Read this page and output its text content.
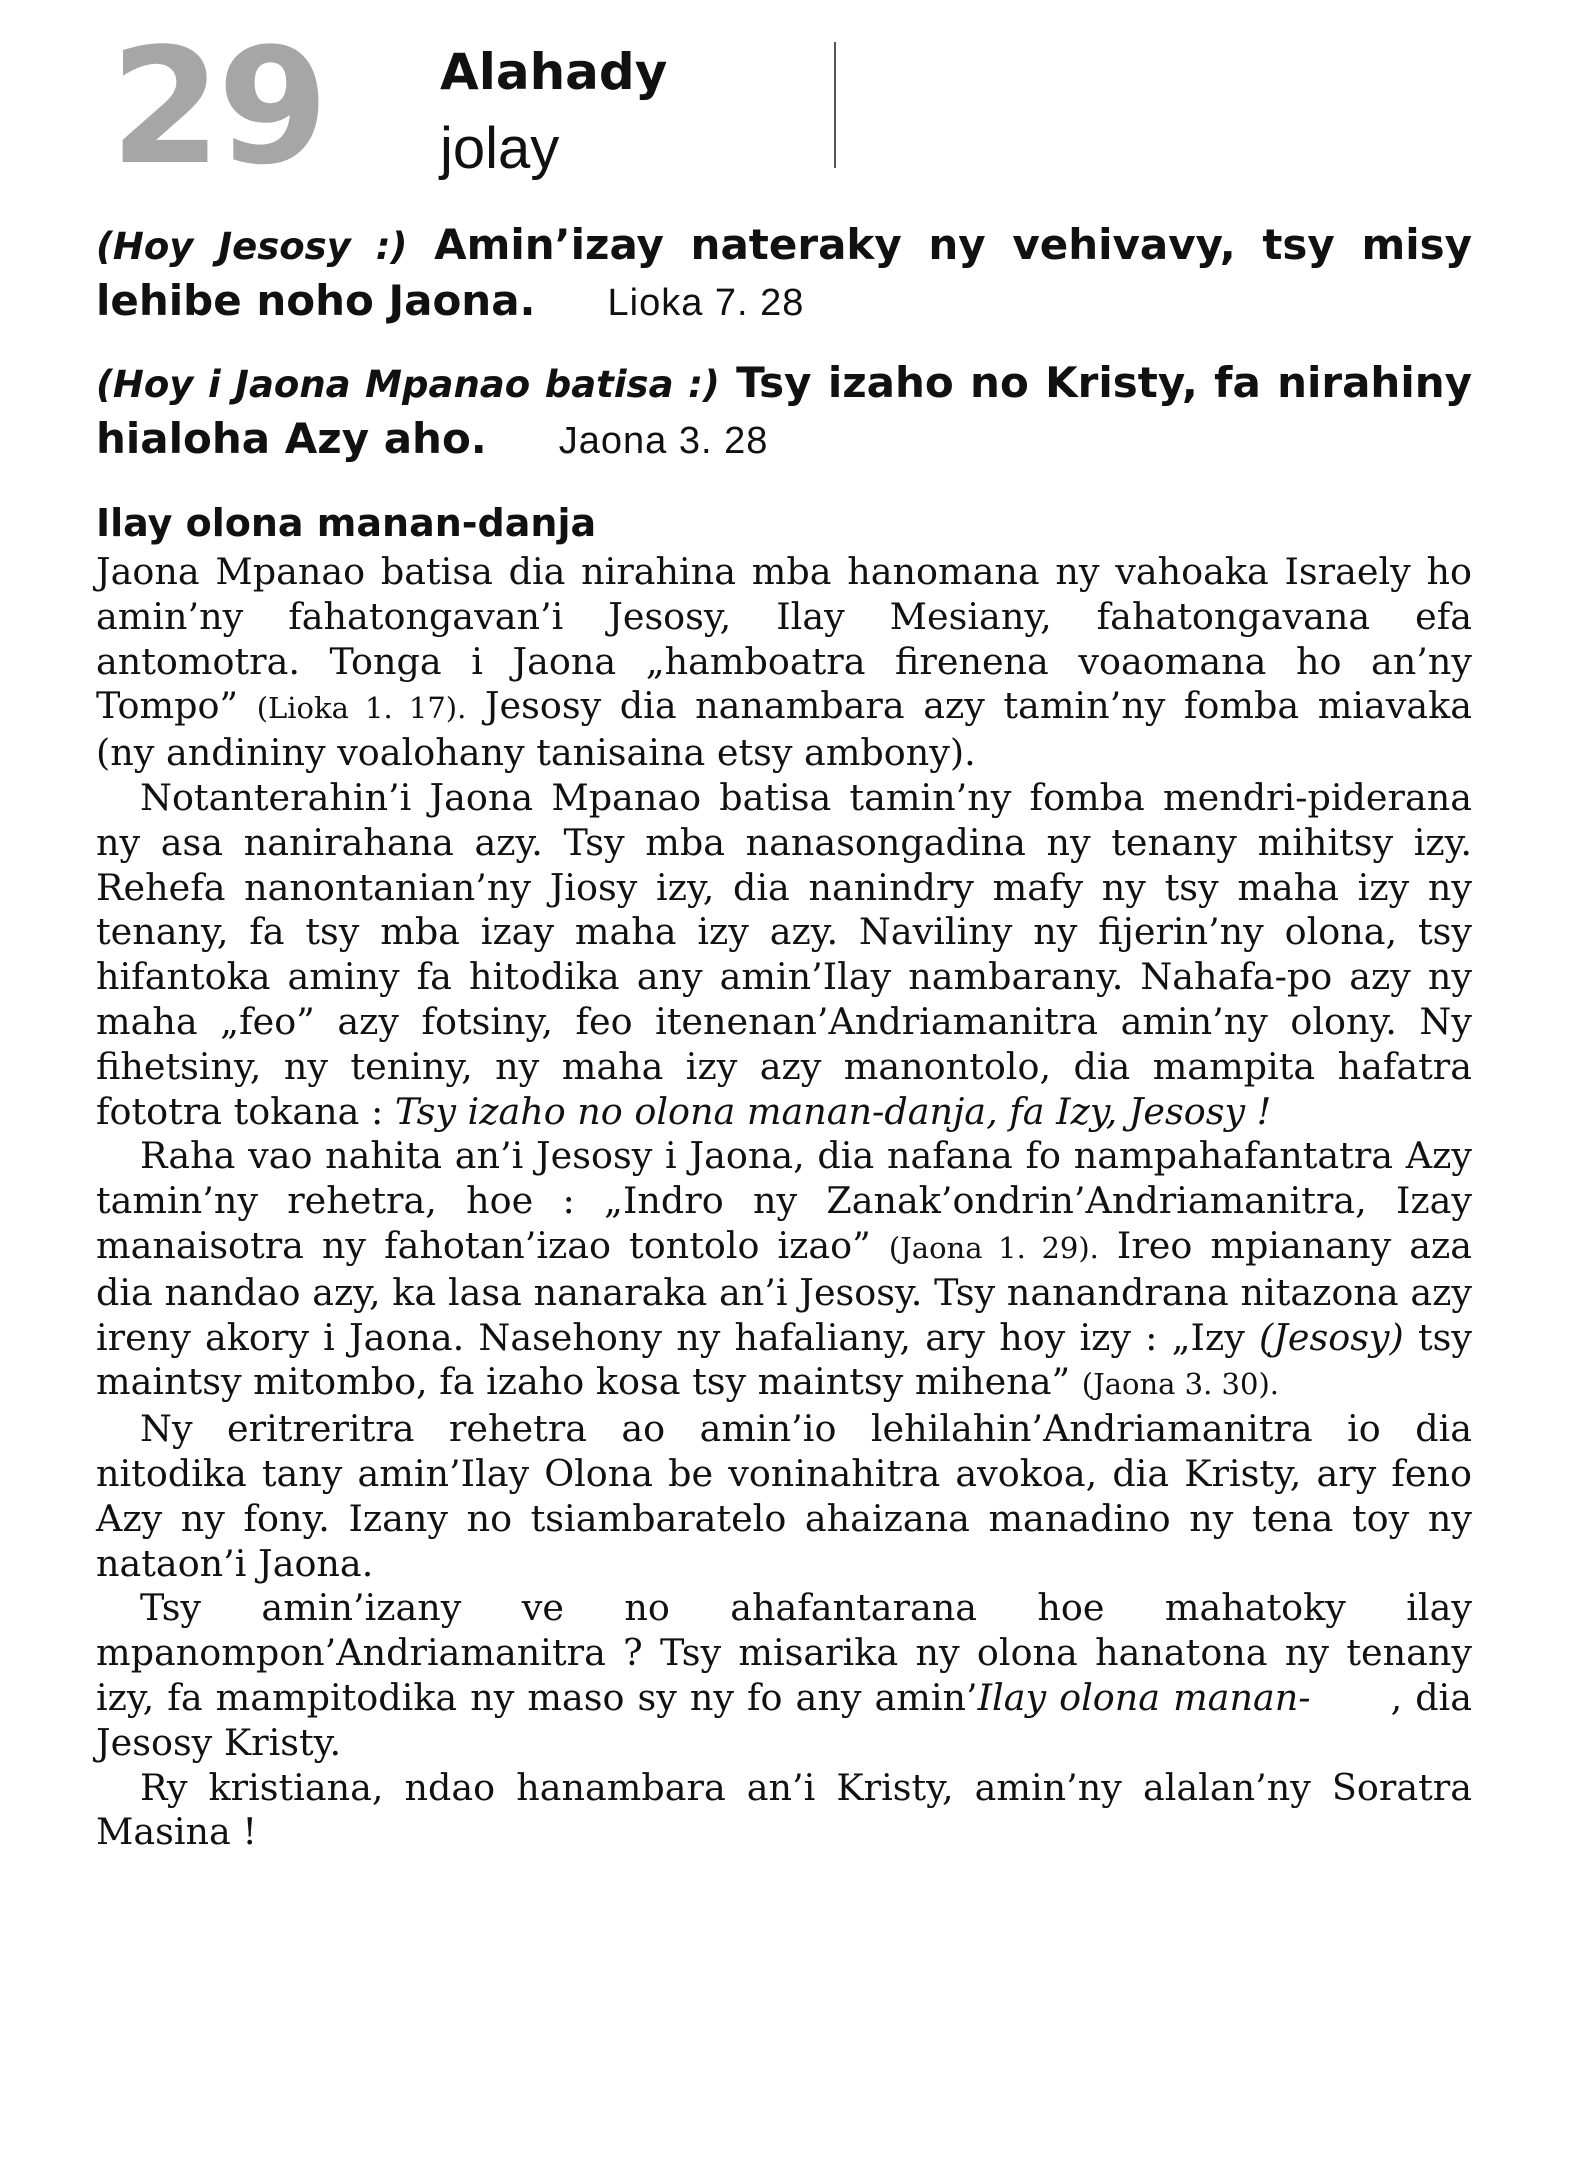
29 Alahady
jolay
(Hoy Jesosy :) Amin’izay nateraky ny vehivavy, tsy misy lehibe noho Jaona. Lioka 7. 28
(Hoy i Jaona Mpanao batisa :) Tsy izaho no Kristy, fa nirahiny hialoha Azy aho. Jaona 3. 28
Ilay olona manan-danja

Jaona Mpanao batisa dia nirahina mba hanomana ny vahoaka Israely ho amin’ny fahatongavan’i Jesosy, Ilay Mesiany, fahatongavana efa antomotra. Tonga i Jaona „hamboatra firenena voaomana ho an’ny Tompo” (Lioka 1. 17). Jesosy dia nanambara azy tamin’ny fomba miavaka (ny andininy voalohany tanisaina etsy ambony).

Notanterahin’i Jaona Mpanao batisa tamin’ny fomba mendri-piderana ny asa nanirahana azy. Tsy mba nanasongadina ny tenany mihitsy izy. Rehefa nanontanian’ny Jiosy izy, dia nanindry mafy ny tsy maha izy ny tenany, fa tsy mba izay maha izy azy. Naviliny ny fijerin’ny olona, tsy hifantoka aminy fa hitodika any amin’Ilay nambarany. Nahafa-po azy ny maha „feo” azy fotsiny, feo itenenan’Andriamanitra amin’ny olony. Ny fihetsiny, ny teniny, ny maha izy azy manontolo, dia mampita hafatra fototra tokana : Tsy izaho no olona manan-danja, fa Izy, Jesosy !

Raha vao nahita an’i Jesosy i Jaona, dia nafana fo nampahafantatra Azy tamin’ny rehetra, hoe : „Indro ny Zanak’ondrin’Andriamanitra, Izay manaisotra ny fahotan’izao tontolo izao” (Jaona 1. 29). Ireo mpianany aza dia nandao azy, ka lasa nanaraka an’i Jesosy. Tsy nanandrana nitazona azy ireny akory i Jaona. Nasehony ny hafaliany, ary hoy izy : „Izy (Jesosy) tsy maintsy mitombo, fa izaho kosa tsy maintsy mihena” (Jaona 3. 30).

Ny eritreritra rehetra ao amin’io lehilahin’Andriamanitra io dia nitodika tany amin’Ilay Olona be voninahitra avokoa, dia Kristy, ary feno Azy ny fony. Izany no tsiambaratelo ahaizana manadino ny tena toy ny nataon’i Jaona.

Tsy amin’izany ve no ahafantarana hoe mahatoky ilay mpanompon’Andriamanitra ? Tsy misarika ny olona hanatona ny tenany izy, fa mampitodika ny maso sy ny fo any amin’Ilay olona manan- , dia Jesosy Kristy.

Ry kristiana, ndao hanambara an’i Kristy, amin’ny alalan’ny Soratra Masina !
